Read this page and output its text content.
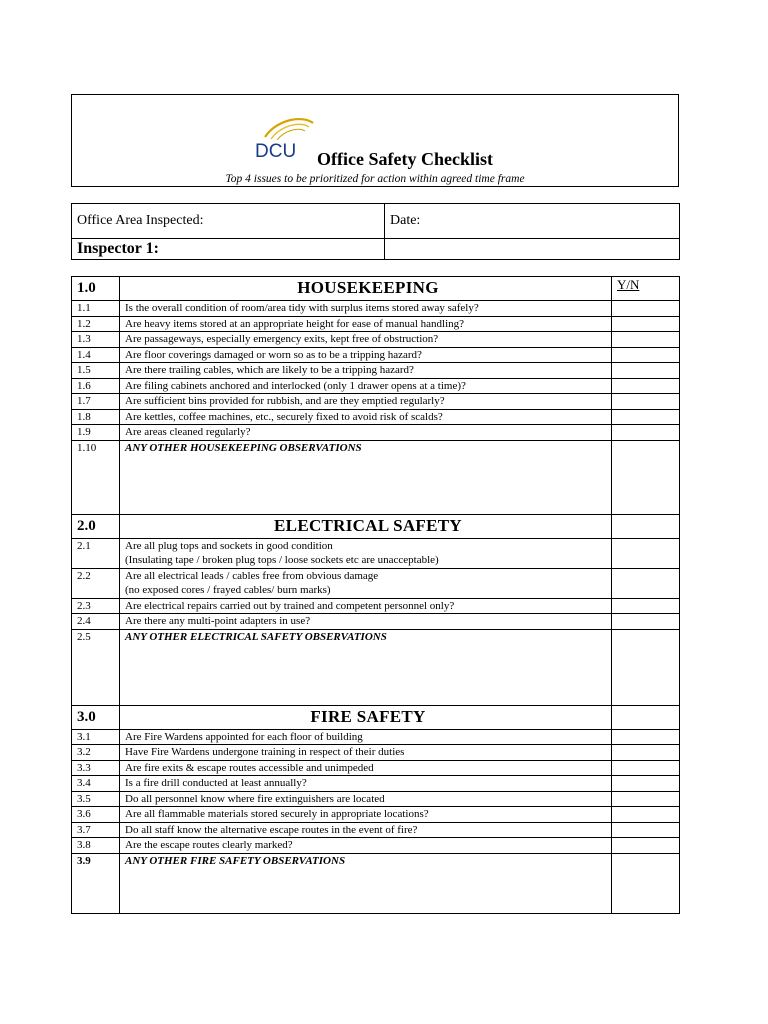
DCU Office Safety Checklist
Top 4 issues to be prioritized for action within agreed time frame
Office Area Inspected:	Date:
Inspector 1:	
1.0	HOUSEKEEPING	Y/N
1.1	Is the overall condition of room/area tidy with surplus items stored away safely?	

1.2	Are heavy items stored at an appropriate height for ease of manual handling?	

1.3	Are passageways, especially emergency exits, kept free of obstruction?	

1.4	Are floor coverings damaged or worn so as to be a tripping hazard?	

1.5	Are there trailing cables, which are likely to be a tripping hazard?	

1.6	Are filing cabinets anchored and interlocked (only 1 drawer opens at a time)?	

1.7	Are sufficient bins provided for rubbish, and are they emptied regularly?	

1.8	Are kettles, coffee machines, etc., securely fixed to avoid risk of scalds?	

1.9	Are areas cleaned regularly?	

1.10	ANY OTHER HOUSEKEEPING OBSERVATIONS	
2.0	ELECTRICAL SAFETY	
2.1	Are all plug tops and sockets in good condition
(Insulating tape / broken plug tops / loose sockets etc are unacceptable)	

2.2	Are all electrical leads / cables free from obvious damage
(no exposed cores / frayed cables/ burn marks)	

2.3	Are electrical repairs carried out by trained and competent personnel only?	

2.4	Are there any multi-point adapters in use?	

2.5	ANY OTHER ELECTRICAL SAFETY OBSERVATIONS	
3.0	FIRE SAFETY	
3.1	Are Fire Wardens appointed for each floor of building	

3.2	Have Fire Wardens undergone training in respect of their duties	

3.3	Are fire exits & escape routes accessible and unimpeded	

3.4	Is a fire drill conducted at least annually?	

3.5	Do all personnel know where fire extinguishers are located	

3.6	Are all flammable materials stored securely in appropriate locations?	

3.7	Do all staff know the alternative escape routes in the event of fire?	

3.8	Are the escape routes clearly marked?	

3.9	ANY OTHER FIRE SAFETY OBSERVATIONS	
